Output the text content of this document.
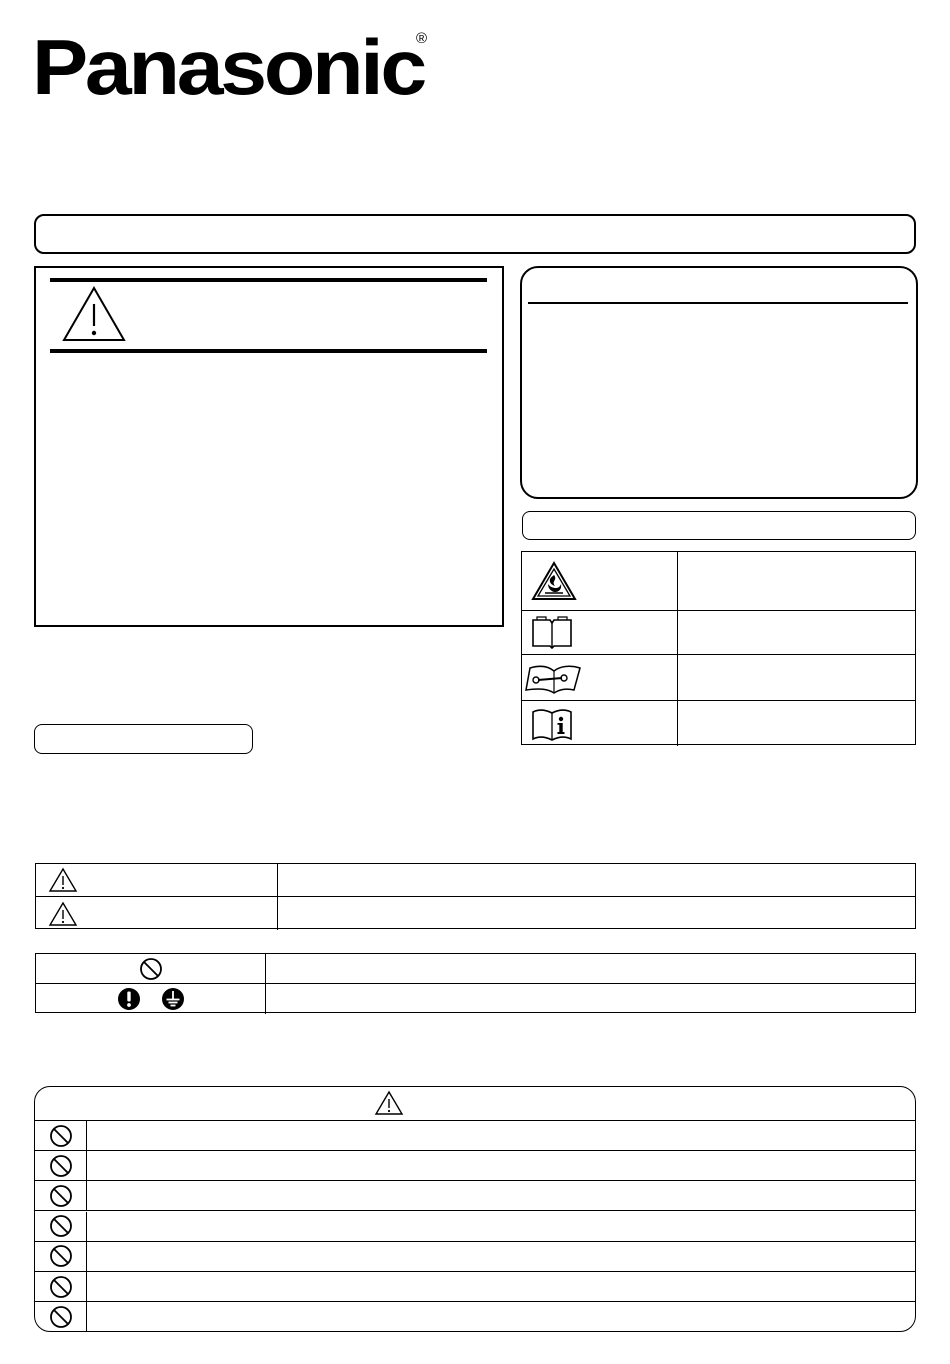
Panasonic
®
